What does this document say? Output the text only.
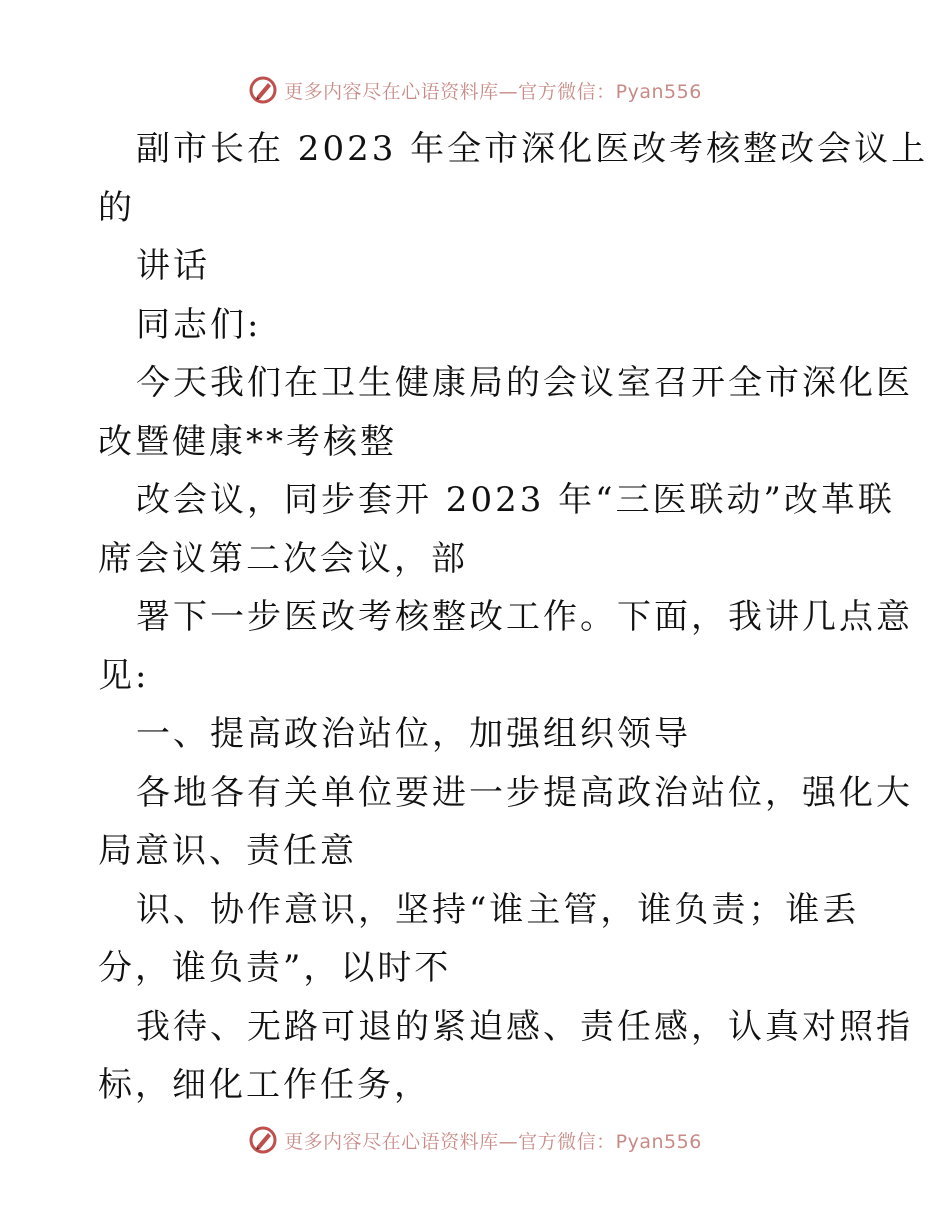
更多内容尽在心语资料库—官方微信：Pyan556
副市长在 2023 年全市深化医改考核整改会议上
的
讲话
同志们:
今天我们在卫生健康局的会议室召开全市深化医
改暨健康**考核整
改会议，同步套开 2023 年“三医联动”改革联
席会议第二次会议，部
署下一步医改考核整改工作。下面，我讲几点意
见:
一、提高政治站位，加强组织领导
各地各有关单位要进一步提高政治站位，强化大
局意识、责任意
识、协作意识，坚持“谁主管，谁负责；谁丢
分，谁负责”，以时不
我待、无路可退的紧迫感、责任感，认真对照指
标，细化工作任务，
更多内容尽在心语资料库—官方微信：Pyan556
